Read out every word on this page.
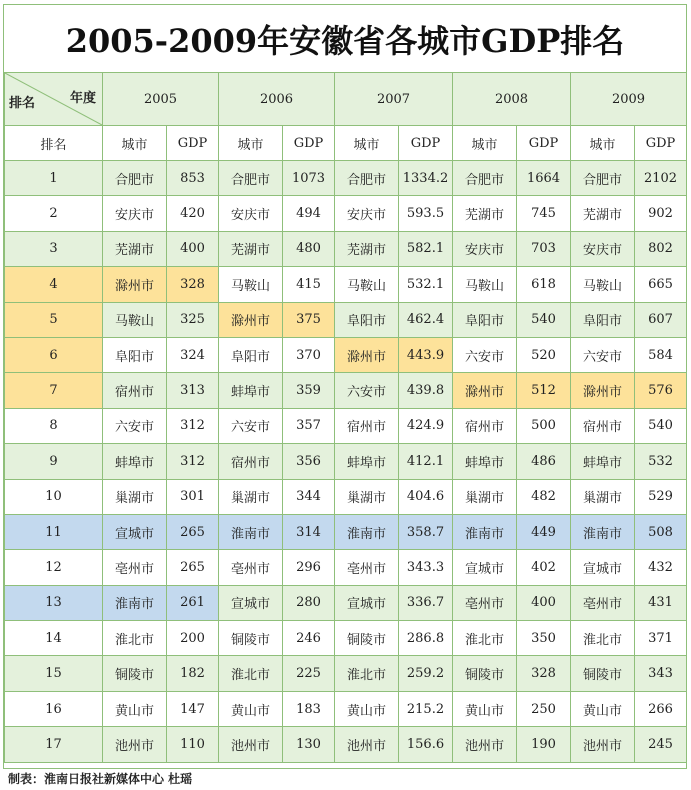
2005-2009年安徽省各城市GDP排名
排名 年度	2005		2006		2007		2008		2009	
排名	城市	GDP	城市	GDP	城市	GDP	城市	GDP	城市	GDP
1	合肥市	853	合肥市	1073	合肥市	1334.2	合肥市	1664	合肥市	2102
2	安庆市	420	安庆市	494	安庆市	593.5	芜湖市	745	芜湖市	902
3	芜湖市	400	芜湖市	480	芜湖市	582.1	安庆市	703	安庆市	802
4	滁州市	328	马鞍山	415	马鞍山	532.1	马鞍山	618	马鞍山	665
5	马鞍山	325	滁州市	375	阜阳市	462.4	阜阳市	540	阜阳市	607
6	阜阳市	324	阜阳市	370	滁州市	443.9	六安市	520	六安市	584
7	宿州市	313	蚌埠市	359	六安市	439.8	滁州市	512	滁州市	576
8	六安市	312	六安市	357	宿州市	424.9	宿州市	500	宿州市	540
9	蚌埠市	312	宿州市	356	蚌埠市	412.1	蚌埠市	486	蚌埠市	532
10	巢湖市	301	巢湖市	344	巢湖市	404.6	巢湖市	482	巢湖市	529
11	宣城市	265	淮南市	314	淮南市	358.7	淮南市	449	淮南市	508
12	亳州市	265	亳州市	296	亳州市	343.3	宣城市	402	宣城市	432
13	淮南市	261	宣城市	280	宣城市	336.7	亳州市	400	亳州市	431
14	淮北市	200	铜陵市	246	铜陵市	286.8	淮北市	350	淮北市	371
15	铜陵市	182	淮北市	225	淮北市	259.2	铜陵市	328	铜陵市	343
16	黄山市	147	黄山市	183	黄山市	215.2	黄山市	250	黄山市	266
17	池州市	110	池州市	130	池州市	156.6	池州市	190	池州市	245
制表：淮南日报社新媒体中心 杜瑶
